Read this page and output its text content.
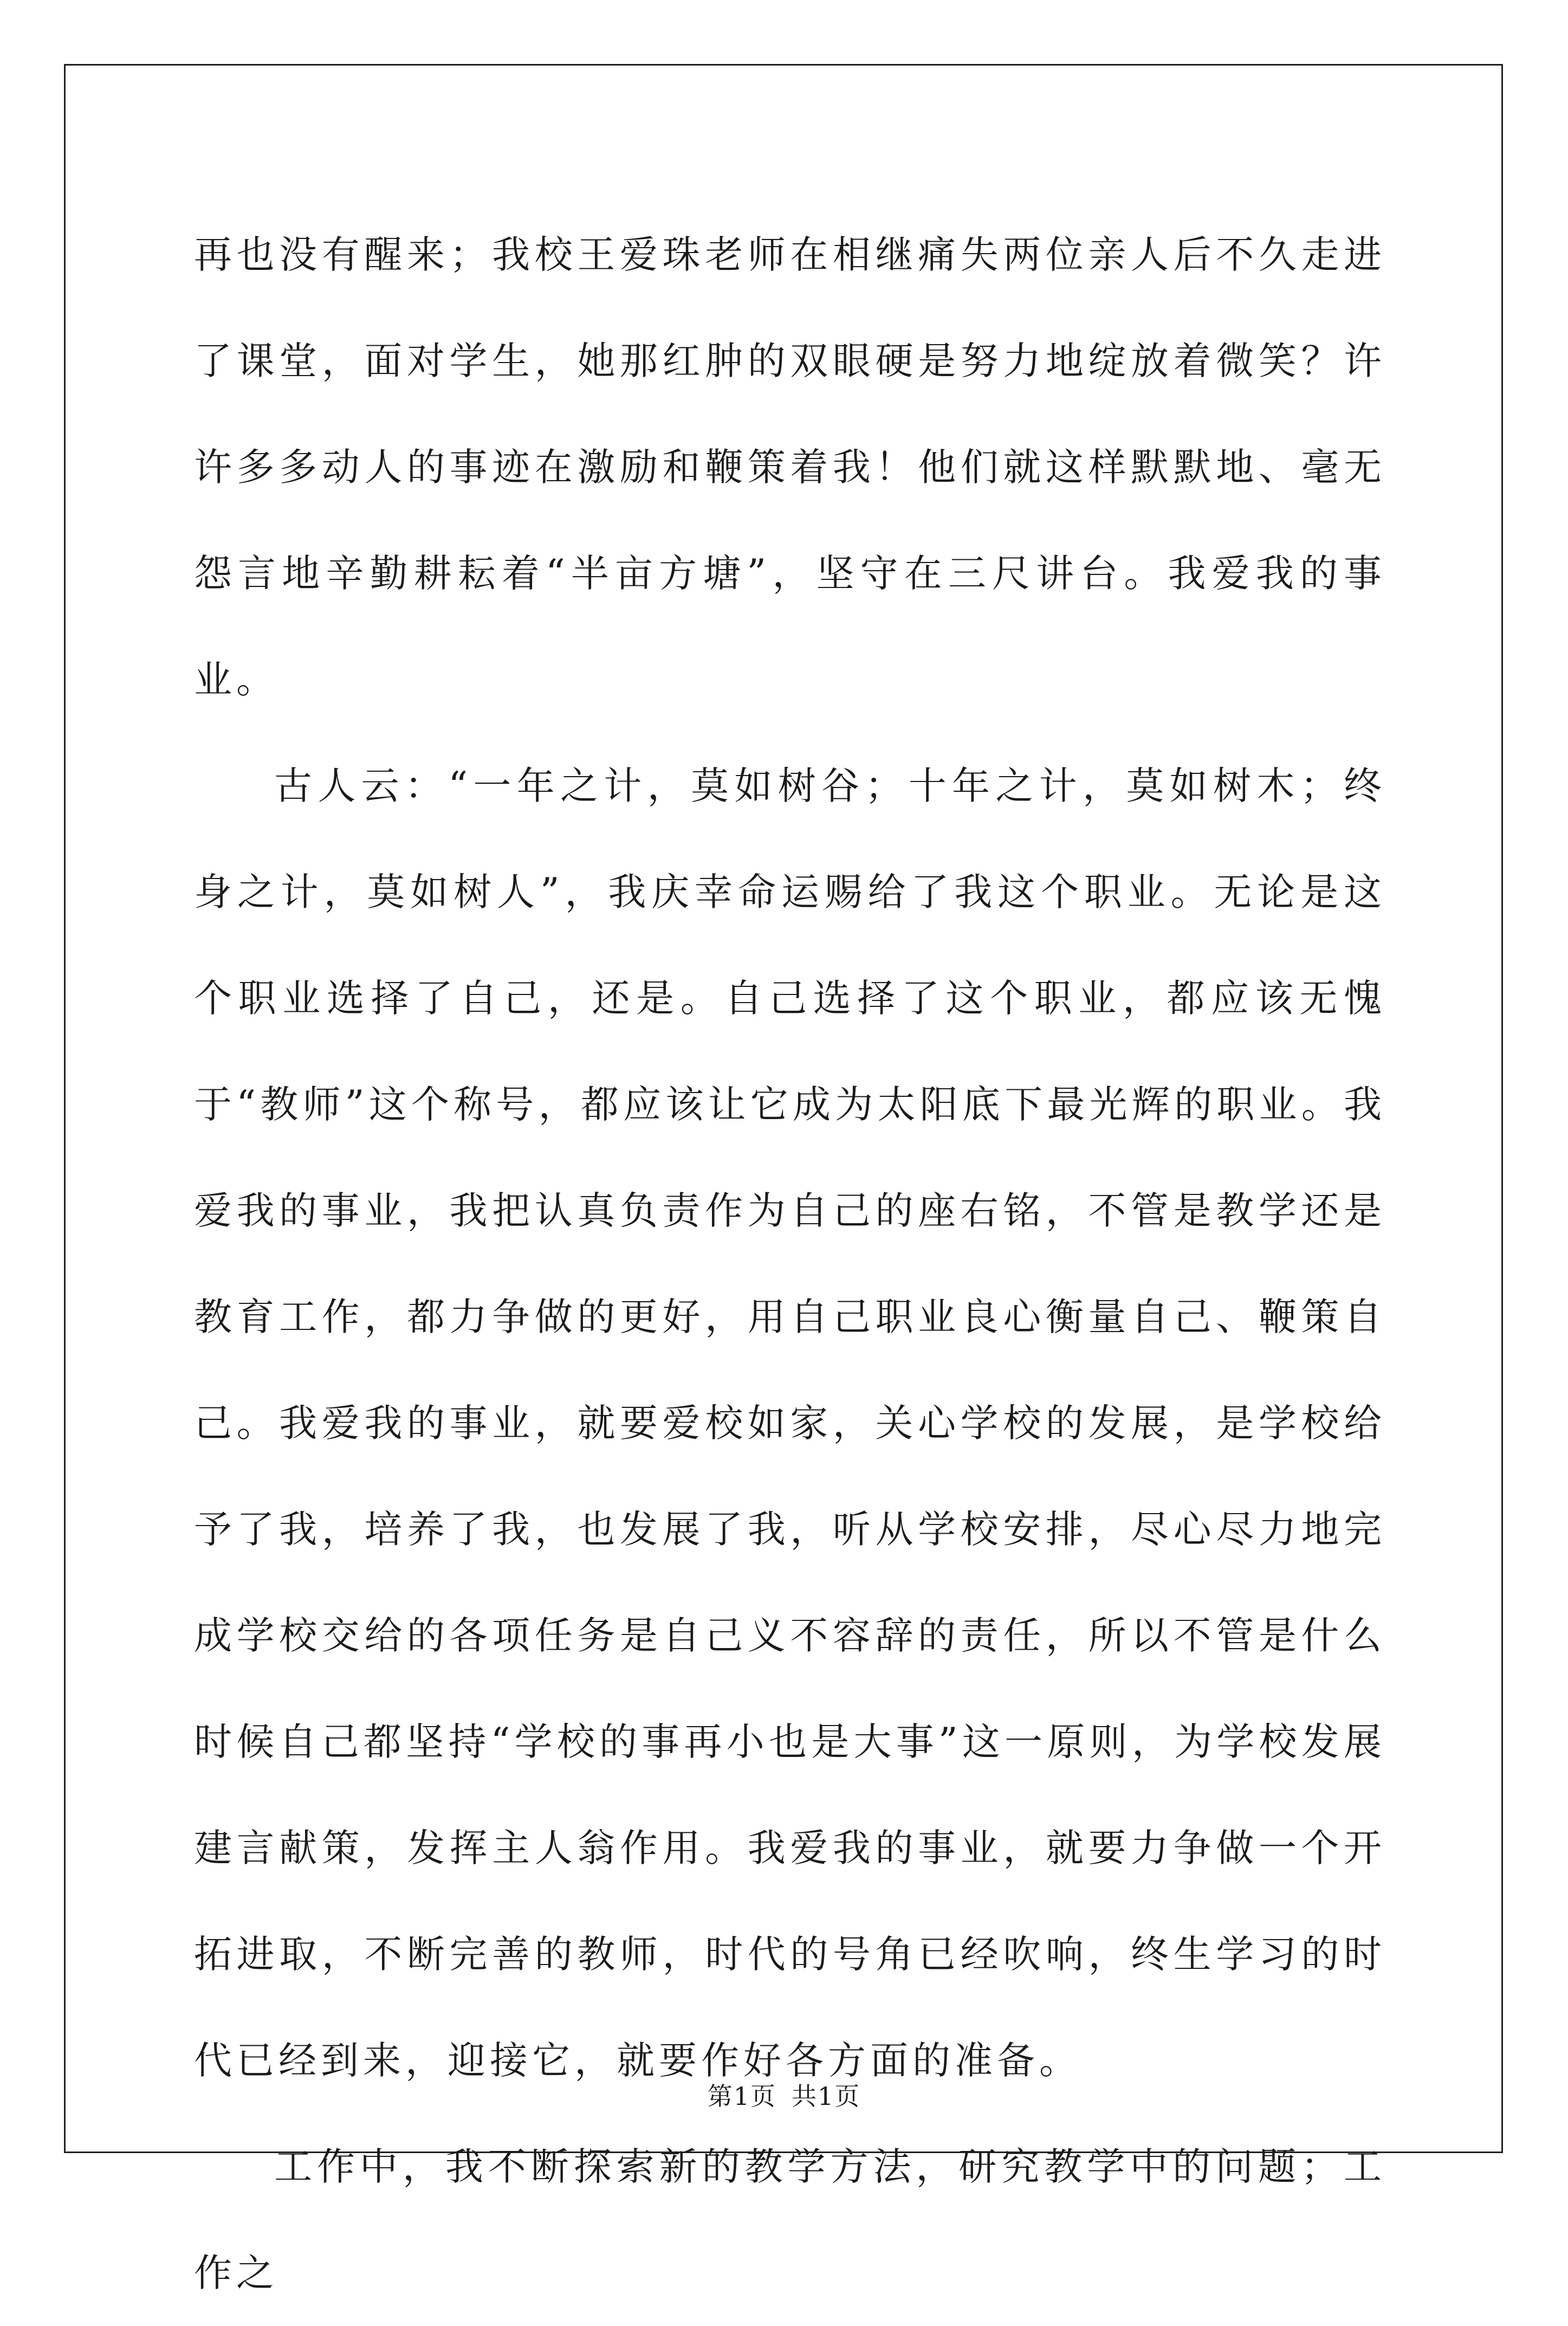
再也没有醒来；我校王爱珠老师在相继痛失两位亲人后不久走进了课堂，面对学生，她那红肿的双眼硬是努力地绽放着微笑？许许多多动人的事迹在激励和鞭策着我！他们就这样默默地、毫无怨言地辛勤耕耘着“半亩方塘”，坚守在三尺讲台。我爱我的事业。

古人云：“一年之计，莫如树谷；十年之计，莫如树木；终身之计，莫如树人”，我庆幸命运赐给了我这个职业。无论是这个职业选择了自己，还是。自己选择了这个职业，都应该无愧于“教师”这个称号，都应该让它成为太阳底下最光辉的职业。我爱我的事业，我把认真负责作为自己的座右铭，不管是教学还是教育工作，都力争做的更好，用自己职业良心衡量自己、鞭策自己。我爱我的事业，就要爱校如家，关心学校的发展，是学校给予了我，培养了我，也发展了我，听从学校安排，尽心尽力地完成学校交给的各项任务是自己义不容辞的责任，所以不管是什么时候自己都坚持“学校的事再小也是大事”这一原则，为学校发展建言献策，发挥主人翁作用。我爱我的事业，就要力争做一个开拓进取，不断完善的教师，时代的号角已经吹响，终生学习的时代已经到来，迎接它，就要作好各方面的准备。

工作中，我不断探索新的教学方法，研究教学中的问题；工作之

第1页 共1页
